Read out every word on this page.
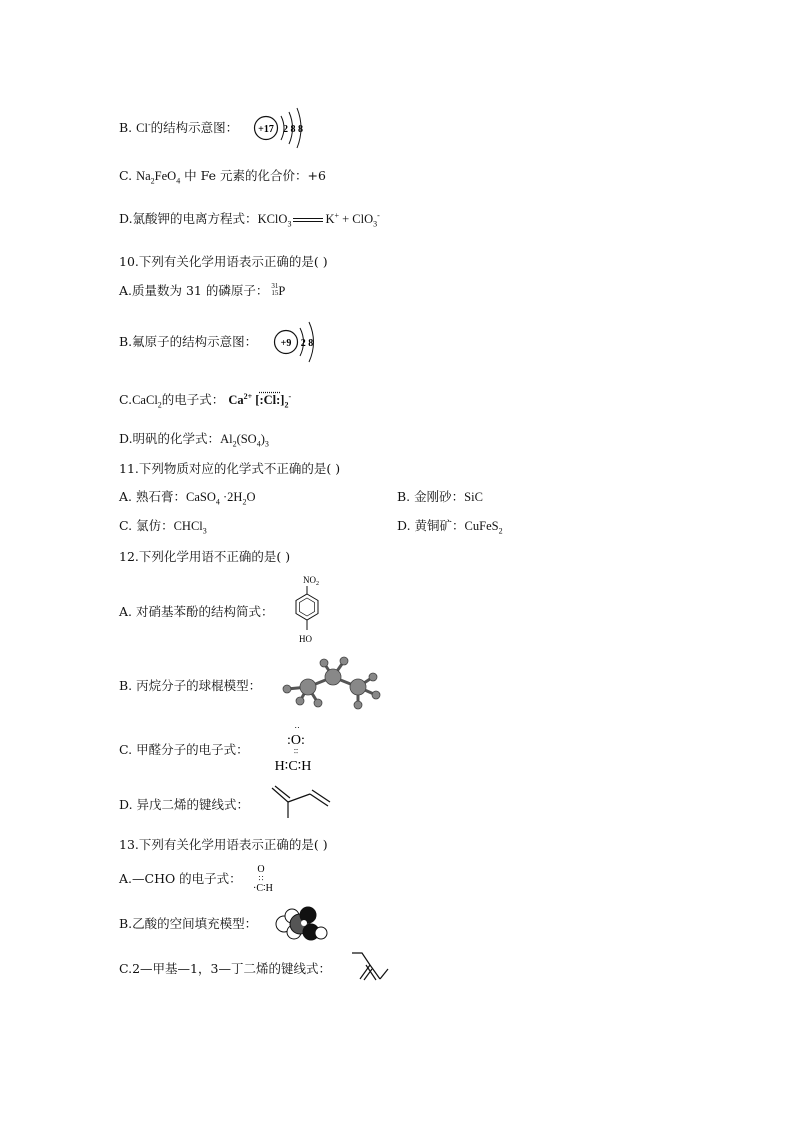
B. Cl-的结构示意图： +17 2 8 8
C. $Na_2FeO_4$ 中 Fe 元素的化合价：+6
D.氯酸钾的电离方程式：KClO$_3$	K+ + ClO$_3$-
10.下列有关化学用语表示正确的是( )
A.质量数为 31 的磷原子： 31
15 P
B.氟原子的结构示意图： +9 2 8
C.CaCl$_2$的电子式： $Ca^{2+}$ $[:Cl:]_2^-$
D.明矾的化学式：$Al_2(SO_4)_3$
11.下列物质对应的化学式不正确的是( )
A. 熟石膏：CaSO$_4$ $\cdot 2H_2O$	B. 金刚砂：SiC
C. 氯仿：CHCl$_3$	D. 黄铜矿：CuFeS$_2$
12.下列化学用语不正确的是( )
A. 对硝基苯酚的结构简式：
$NO_2$
HO
B. 丙烷分子的球棍模型：
C. 甲醛分子的电子式：
‥
:O:
∶∶
H∶C∶H
D. 异戊二烯的键线式：
13.下列有关化学用语表示正确的是( )
A.—CHO 的电子式：
O
∷
·C∶H
B.乙酸的空间填充模型：
C.2—甲基—1，3—丁二烯的键线式：
